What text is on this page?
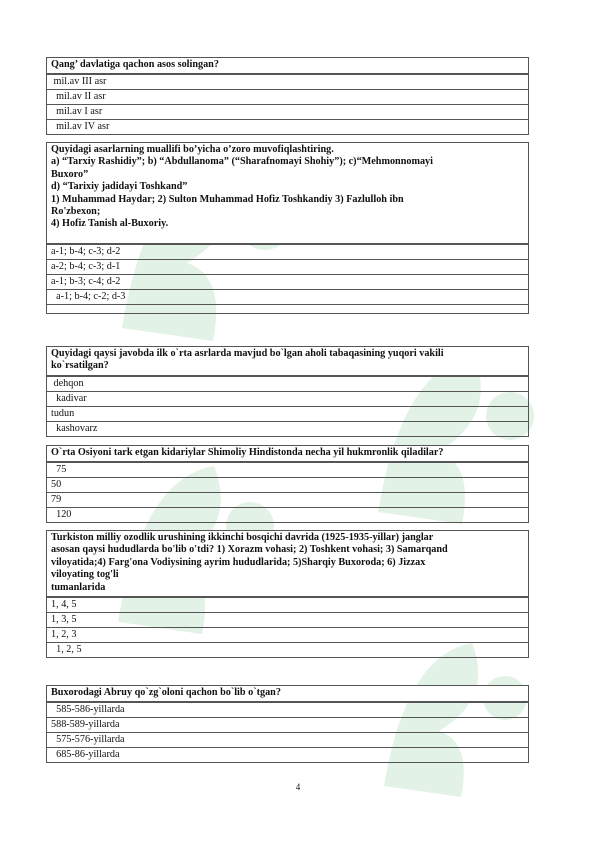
Qang’ davlatiga qachon asos solingan?
mil.av III asr
mil.av II asr
mil.av I asr
mil.av IV asr
Quyidagi asarlarning muallifi bo’yicha o’zoro muvofiqlashtiring.
a) “Tarxiy Rashidiy”; b) “Abdullanoma” (“Sharafnomayi Shohiy”); c)“Mehmonnomayi
Buxoro”
d) “Tarixiy jadidayi Toshkand”
1) Muhammad Haydar; 2) Sulton Muhammad Hofiz Toshkandiy 3) Fazlulloh ibn
Ro'zbexon;
4) Hofiz Tanish al-Buxoriy.
a-1; b-4; c-3; d-2
a-2; b-4; c-3; d-1
a-1; b-3; c-4; d-2
a-1; b-4; c-2; d-3
Quyidagi qaysi javobda ilk o`rta asrlarda mavjud bo`lgan aholi tabaqasining yuqori vakili
ko`rsatilgan?
dehqon
kadivar
tudun
kashovarz
O`rta Osiyoni tark etgan kidariylar Shimoliy Hindistonda necha yil hukmronlik qiladilar?
75
50
79
120
Turkiston milliy ozodlik urushining ikkinchi bosqichi davrida (1925-1935-yillar) janglar
asosan qaysi hududlarda bo'lib o'tdi? 1) Xorazm vohasi; 2) Toshkent vohasi; 3) Samarqand
viloyatida;4) Farg'ona Vodiysining ayrim hududlarida; 5)Sharqiy Buxoroda; 6) Jizzax
viloyating tog'li
tumanlarida
1, 4, 5
1, 3, 5
1, 2, 3
1, 2, 5
Buxorodagi Abruy qo`zg`oloni qachon bo`lib o`tgan?
585-586-yillarda
588-589-yillarda
575-576-yillarda
685-86-yillarda
4
